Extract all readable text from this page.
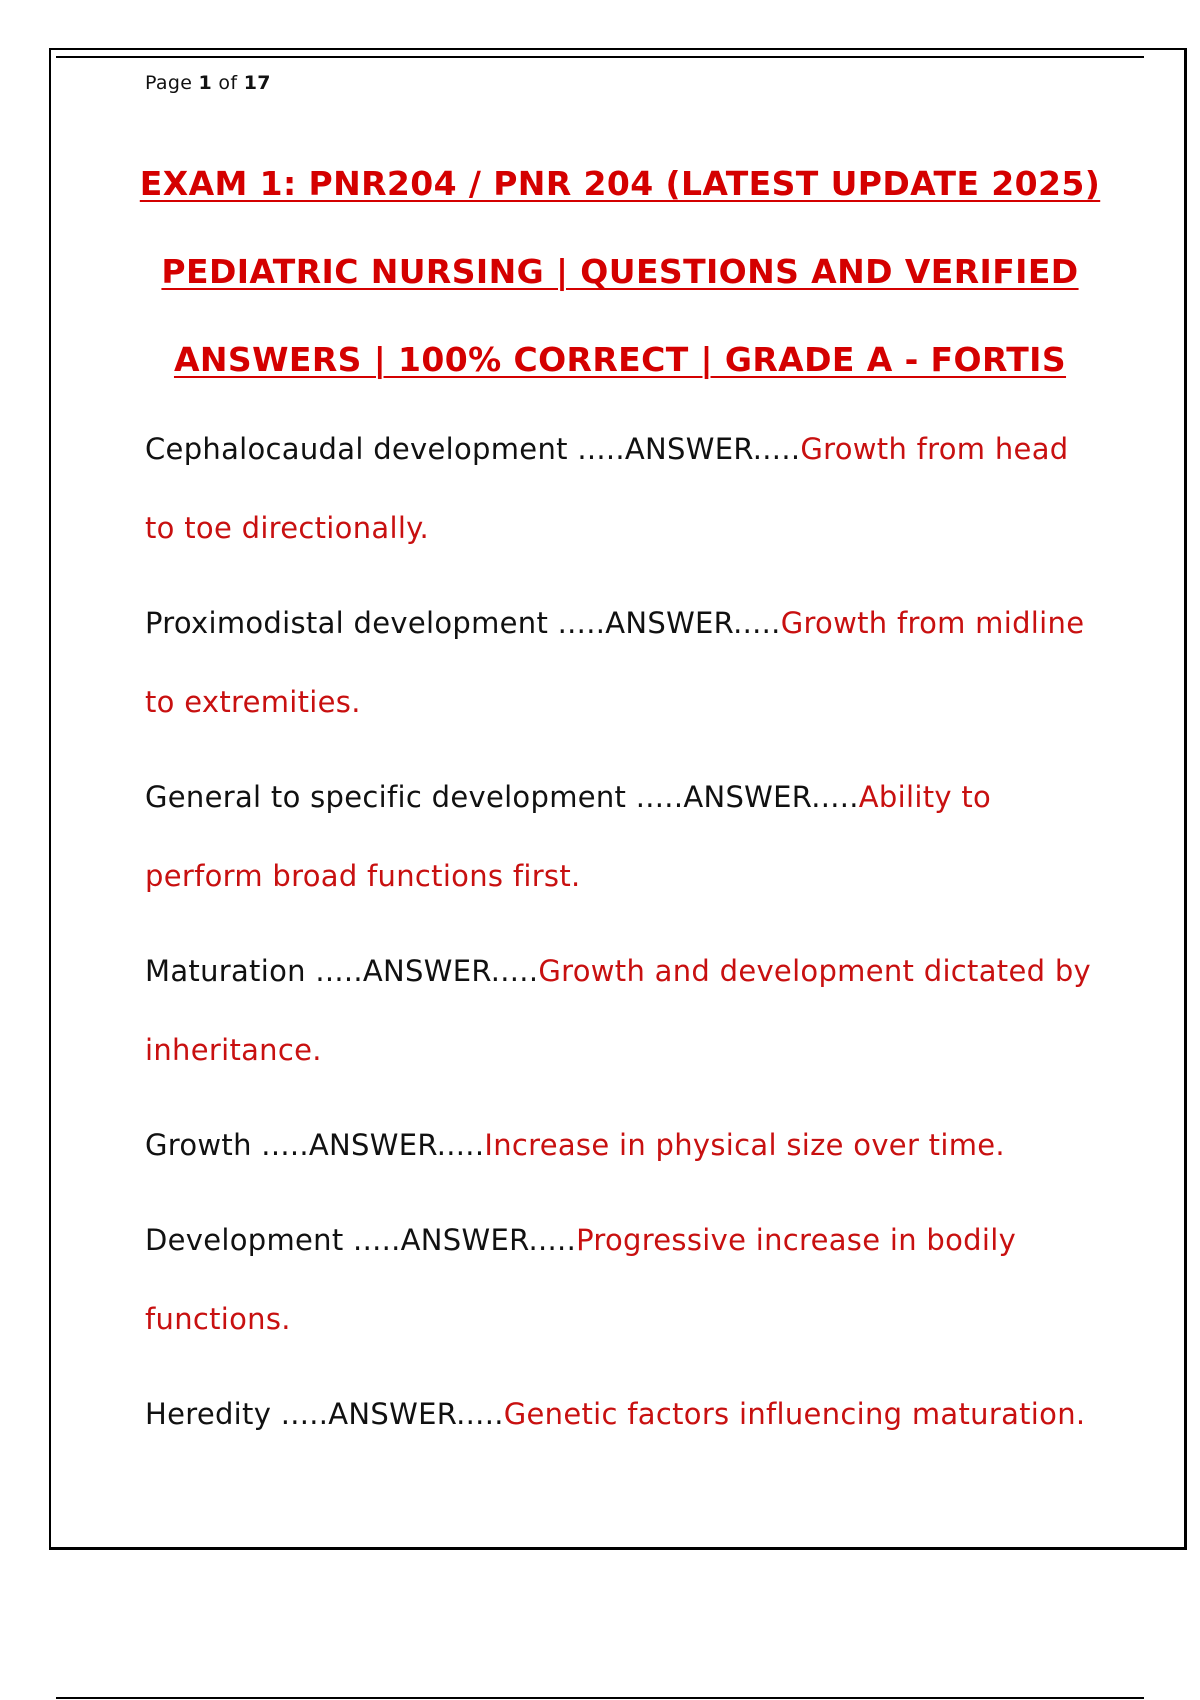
Page 1 of 17
EXAM 1: PNR204 / PNR 204 (LATEST UPDATE 2025)
PEDIATRIC NURSING | QUESTIONS AND VERIFIED
ANSWERS | 100% CORRECT | GRADE A - FORTIS

Cephalocaudal development .....ANSWER.....Growth from head to toe directionally.

Proximodistal development .....ANSWER.....Growth from midline to extremities.

General to specific development .....ANSWER.....Ability to perform broad functions first.

Maturation .....ANSWER.....Growth and development dictated by inheritance.

Growth .....ANSWER.....Increase in physical size over time.

Development .....ANSWER.....Progressive increase in bodily functions.

Heredity .....ANSWER.....Genetic factors influencing maturation.
